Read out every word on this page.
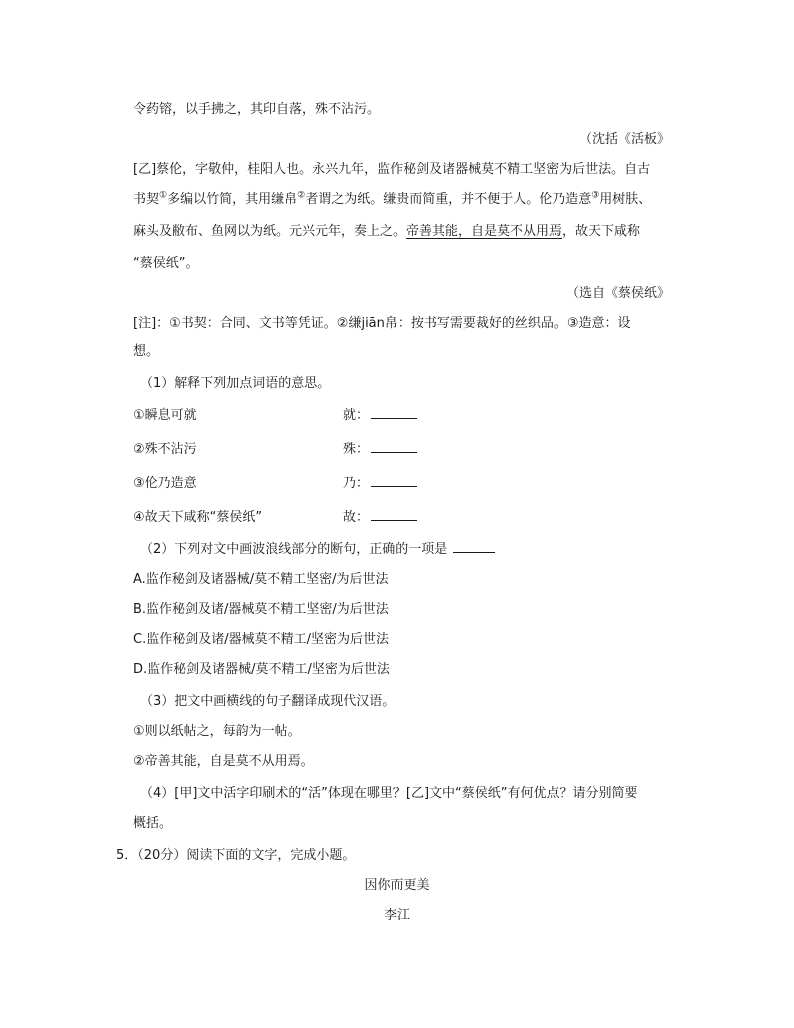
令药镕，以手拂之，其印自落，殊不沾污。
（沈括《活板》
[乙]蔡伦，字敬仲，桂阳人也。永兴九年，监作秘剑及诸器械莫不精工坚密为后世法。自古
书契①多编以竹简，其用缣帛②者谓之为纸。缣贵而简重，并不便于人。伦乃造意③用树肤、
麻头及敝布、鱼网以为纸。元兴元年，奏上之。帝善其能，自是莫不从用焉，故天下咸称
“蔡侯纸”。
（选自《蔡侯纸》
[注]：①书契：合同、文书等凭证。②缣jiān帛：按书写需要裁好的丝织品。③造意：设
想。
（1）解释下列加点词语的意思。
①瞬息可就	就：
②殊不沾污	殊：
③伦乃造意	乃：
④故天下咸称“蔡侯纸”	故：
（2）下列对文中画波浪线部分的断句，正确的一项是
A.监作秘剑及诸器械/莫不精工坚密/为后世法
B.监作秘剑及诸/器械莫不精工坚密/为后世法
C.监作秘剑及诸/器械莫不精工/坚密为后世法
D.监作秘剑及诸器械/莫不精工/坚密为后世法
（3）把文中画横线的句子翻译成现代汉语。
①则以纸帖之，每韵为一帖。
②帝善其能，自是莫不从用焉。
（4）[甲]文中活字印刷术的“活”体现在哪里？[乙]文中“蔡侯纸”有何优点？请分别简要
概括。
5．（20分）阅读下面的文字，完成小题。
因你而更美
李江
